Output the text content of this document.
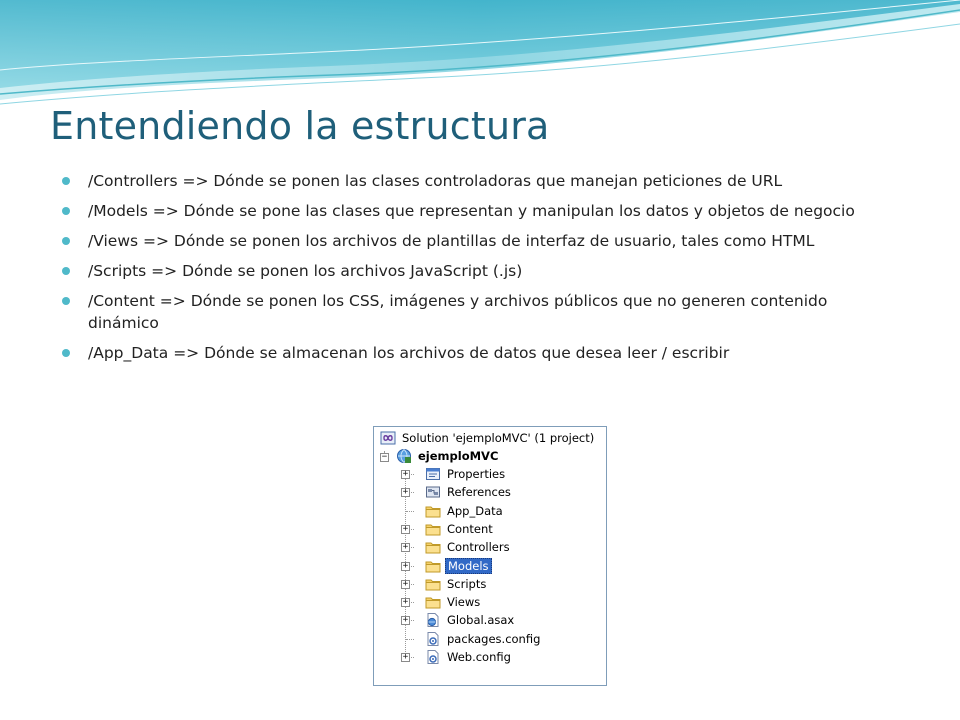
Entendiendo la estructura
/Controllers => Dónde se ponen las clases controladoras que manejan peticiones de URL
/Models => Dónde se pone las clases que representan y manipulan los datos y objetos de negocio
/Views => Dónde se ponen los archivos de plantillas de interfaz de usuario, tales como HTML
/Scripts => Dónde se ponen los archivos JavaScript (.js)
/Content => Dónde se ponen los CSS, imágenes y archivos públicos que no generen contenido dinámico
/App_Data => Dónde se almacenan los archivos de datos que desea leer / escribir
Solution 'ejemploMVC' (1 project)
−	ejemploMVC
+	Properties
+	References
App_Data
+	Content
+	Controllers
+	Models
+	Scripts
+	Views
+	Global.asax
packages.config
+	Web.config
